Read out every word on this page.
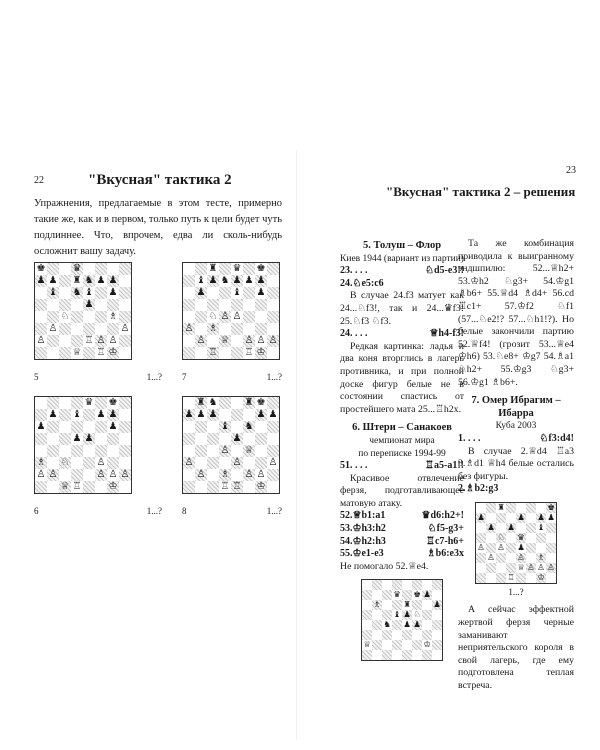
22	"Вкусная" тактика 2
Упражнения, предлагаемые в этом тесте, примерно такие же, как и в первом, только путь к цели будет чуть подлиннее. Что, впрочем, едва ли сколь-нибудь осложнит вашу задачу.
♚	♛
♟ ♟ ♜ ♞ ♟ ♟
♝ ♞ ♝ ♟
♟
♘	♗
♙	♙
♙	♖ ♙ ♙
♕ ♖ ♔
5	1...?
♜ ♛ ♚
♝ ♟ ♞ ♟ ♟ ♟
♟	♝ ♟
♘ ♙ ♙
♙ ♗
♙ ♕ ♙ ♙ ♙
♖	♖ ♔
7	1...?
♛ ♚
♟ ♝ ♟ ♟
♟	♟
♟ ♟
♗ ♘	♙
♙ ♙	♙ ♙ ♙
♕ ♖	♔
6	1...?
♜ ♞	♜ ♚
♟ ♟ ♟	♟ ♟
♝ ♞
♟
♙ ♕
♙	♙	♙
♙ ♗ ♙ ♙
♖ ♖ ♔
8	1...?
23
"Вкусная" тактика 2 – решения
5. Толуш – Флор
Киев 1944 (вариант из партии)
23. . . .	♘d5-e3!!
24.♘e5:c6
В случае 24.f3 матует как 24...♘f3!, так и 24...♛f3! 25.♘f3 ♘f3.
24. . . .	♕h4-f3!
Редкая картинка: ладья и два коня вторглись в лагерь противника, и при полной доске фигур белые не в состоянии спастись от простейшего мата 25...♖h2x.
6. Штери – Санакоев
чемпионат мира
по переписке 1994-99
51. . . .	♖a5-a1!!
Красивое отвлечение ферзя, подготавливающее матовую атаку.
52.♕b1:a1	♛d6:h2+!
53.♔h3:h2	♘f5-g3+
54.♔h2:h3	♖c7-h6+
55.♔e1-e3	♗b6:e3x
Не помогало 52.♕e4.
♛ ♚ ♟
♗	♜	♟
♝ ♟ ♘
♞ ♟ ♟
♕	♔
Та же комбинация приводила к выигранному эндшпилю: 52...♕h2+ 53.♔h2 ♘g3+ 54.♔g1 ♗b6+ 55.♕d4 ♗d4+ 56.cd ♖c1+ 57.♔f2 ♘f1 (57...♘e2!? 57...♘h1!?). Но белые закончили партию 52.♕f4! (грозит 53...♕e4 ♔h6) 53.♘e8+ ♔g7 54.♗a1 ♘h2+ 55.♔g3 ♘g3+ 56.♔g1 ♗b6+.
7. Омер Ибрагим – Ибарра
Куба 2003
1. . . .	♘f3:d4!
В случае 2.♕d4 ♖a3 3.♗d1 ♕h4 белые остались без фигуры.
2.♗b2:g3
♜	♚
♟	♟ ♟ ♟
♟ ♟	♝
♘ ♛
♙ ♙ ♟
♙	♙ ♗
♕ ♙ ♙ ♙
♖	♔
1...?
А сейчас эффектной жертвой ферзя черные заманивают неприятельского короля в свой лагерь, где ему подготовлена теплая встреча.
